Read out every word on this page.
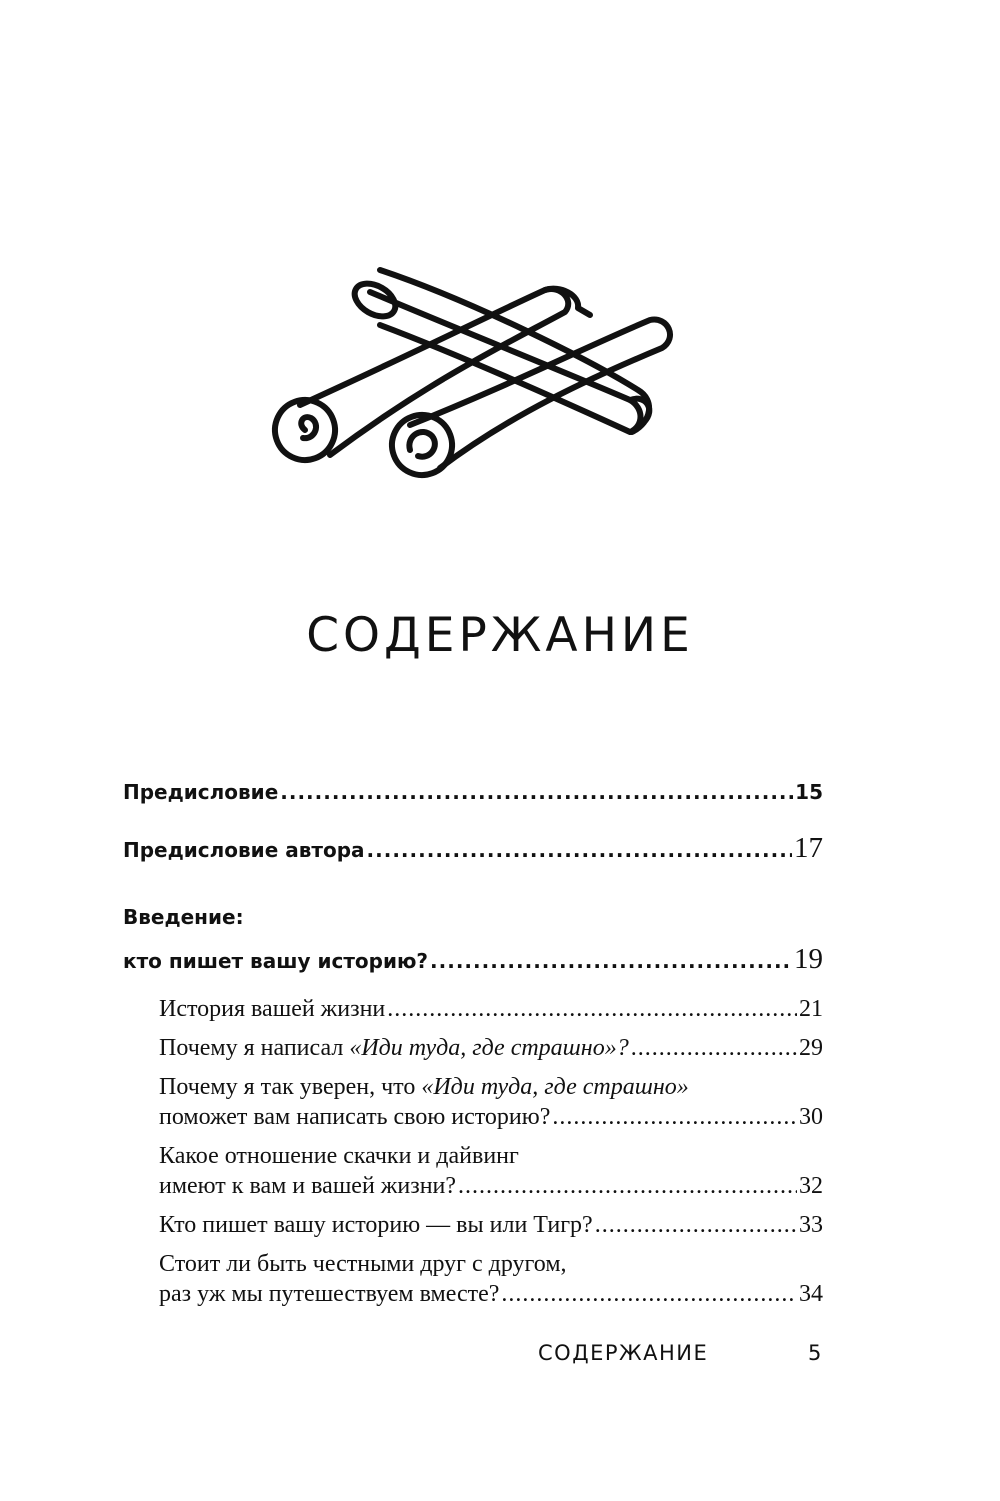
СОДЕРЖАНИЕ
Предисловие .....	15
Предисловие автора .....	17
Введение:
кто пишет вашу историю? .....	19
История вашей жизни .....	21
Почему я написал «Иди туда, где страшно»? .....	29
Почему я так уверен, что «Иди туда, где страшно»
поможет вам написать свою историю? .....	30
Какое отношение скачки и дайвинг
имеют к вам и вашей жизни? .....	32
Кто пишет вашу историю — вы или Тигр? .....	33
Стоит ли быть честными друг с другом,
раз уж мы путешествуем вместе? .....	34
СОДЕРЖАНИЕ	5
